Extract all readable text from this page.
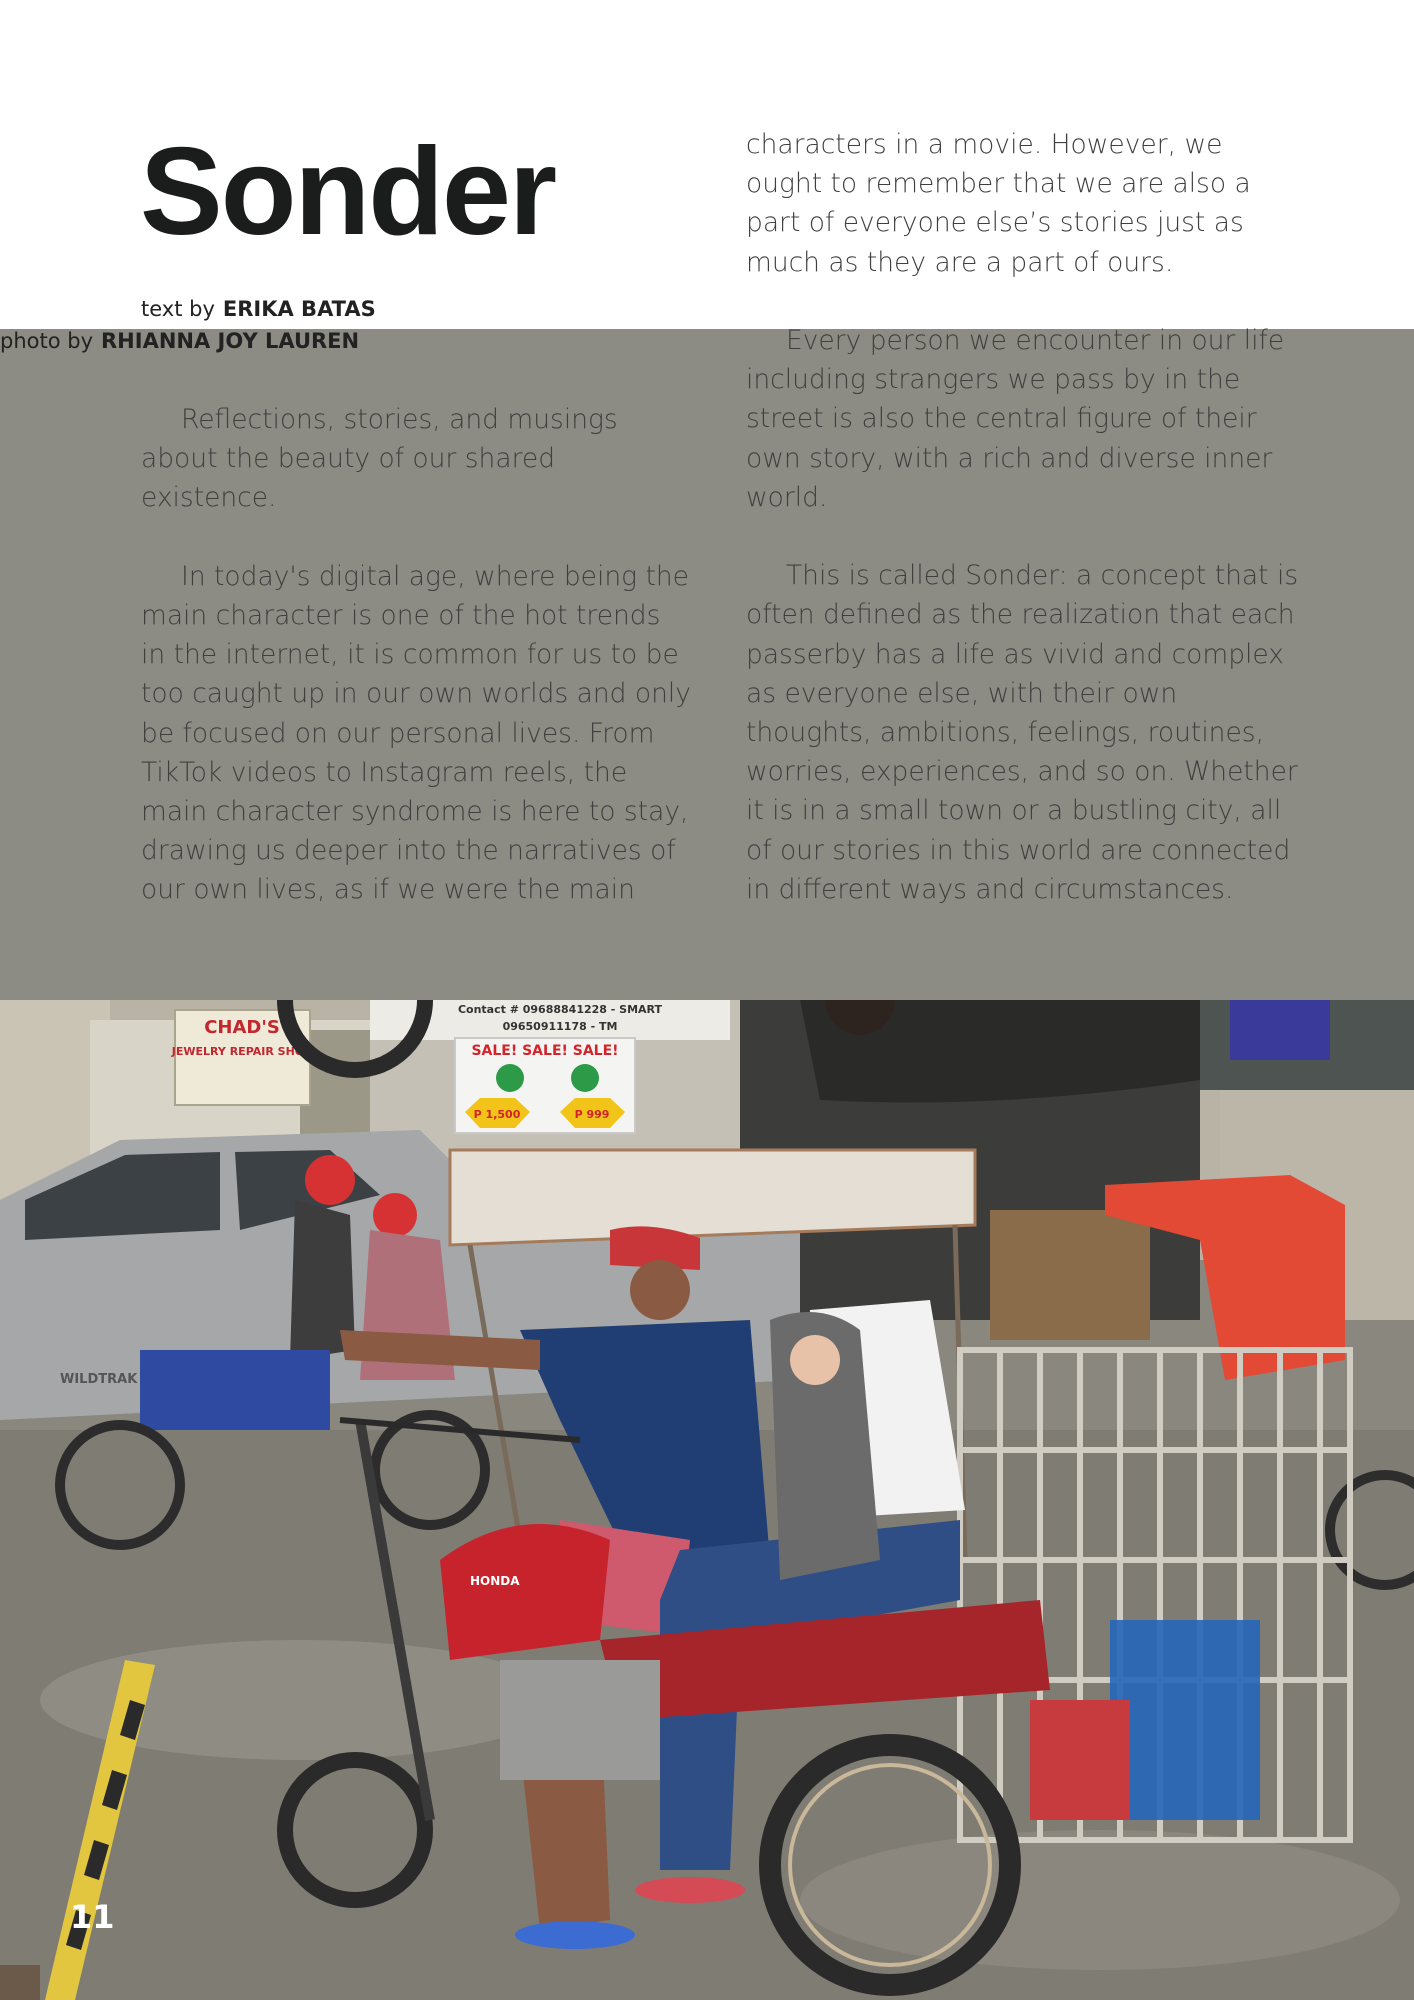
Sonder
text by ERIKA BATAS
photo by RHIANNA JOY LAUREN

Reflections, stories, and musings about the beauty of our shared existence.

In today's digital age, where being the main character is one of the hot trends in the internet, it is common for us to be too caught up in our own worlds and only be focused on our personal lives. From TikTok videos to Instagram reels, the main character syndrome is here to stay, drawing us deeper into the narratives of our own lives, as if we were the main

characters in a movie. However, we ought to remember that we are also a part of everyone else’s stories just as much as they are a part of ours.

Every person we encounter in our life including strangers we pass by in the street is also the central figure of their own story, with a rich and diverse inner world.

This is called Sonder: a concept that is often defined as the realization that each passerby has a life as vivid and complex as everyone else, with their own thoughts, ambitions, feelings, routines, worries, experiences, and so on. Whether it is in a small town or a bustling city, all of our stories in this world are connected in different ways and circumstances.

CHAD'S
JEWELRY REPAIR SHOP
Contact # 09688841228 - SMART
09650911178 - TM
SALE! SALE! SALE!
P 1,500	P 999
WILDTRAK
HONDA
11
